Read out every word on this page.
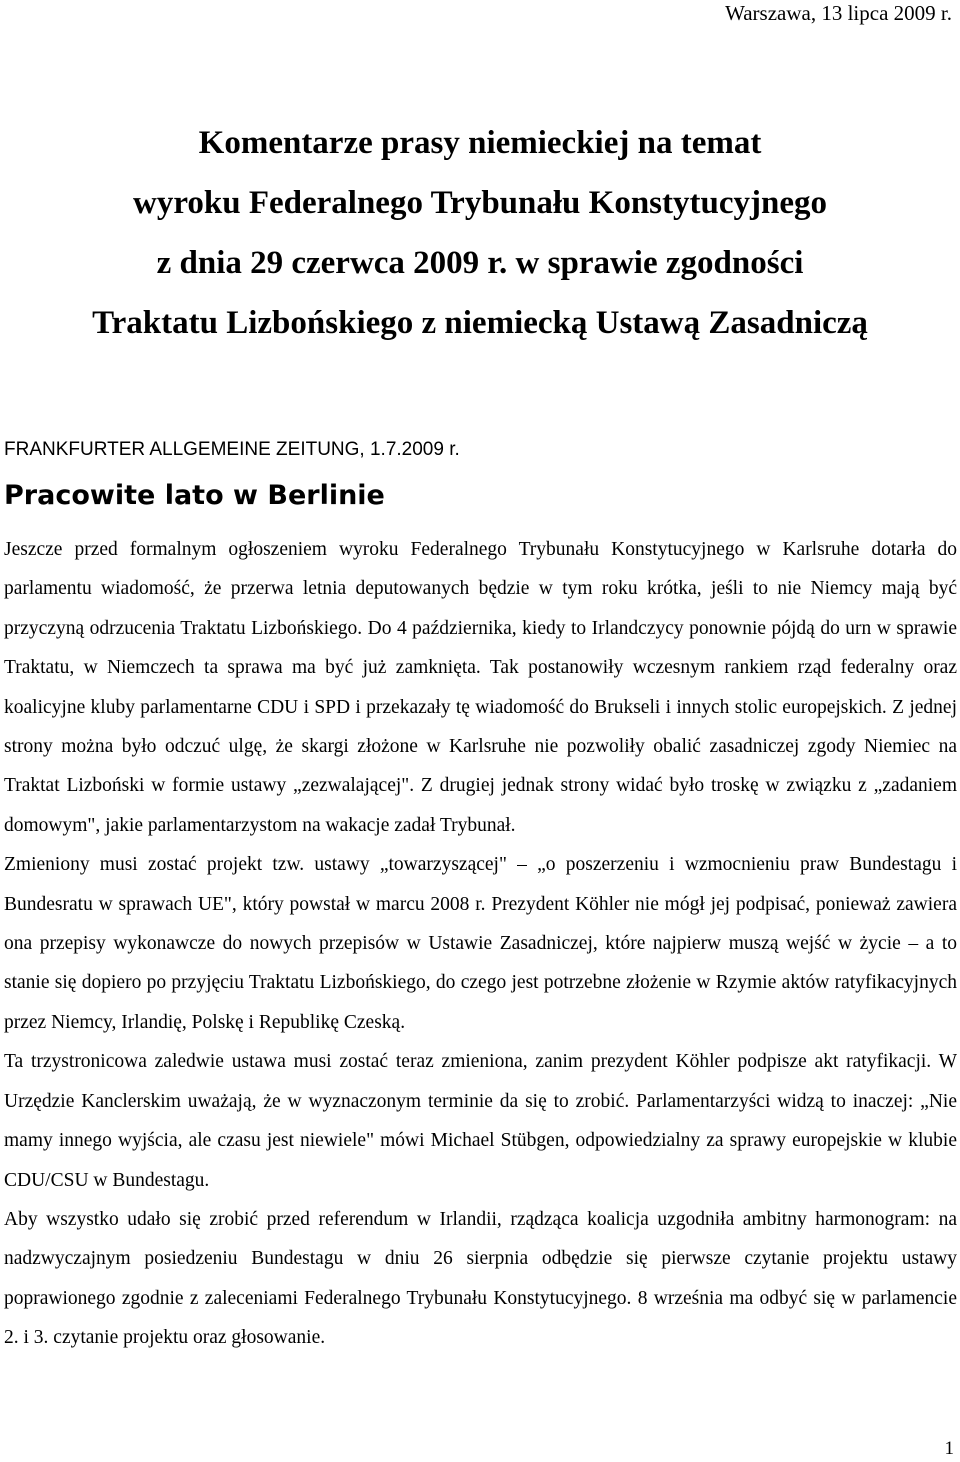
Warszawa, 13 lipca 2009 r.
Komentarze prasy niemieckiej na temat
wyroku Federalnego Trybunału Konstytucyjnego
z dnia 29 czerwca 2009 r. w sprawie zgodności
Traktatu Lizbońskiego z niemiecką Ustawą Zasadniczą
FRANKFURTER ALLGEMEINE ZEITUNG, 1.7.2009 r.
Pracowite lato w Berlinie

Jeszcze przed formalnym ogłoszeniem wyroku Federalnego Trybunału Konstytucyjnego w Karlsruhe dotarła do parlamentu wiadomość, że przerwa letnia deputowanych będzie w tym roku krótka, jeśli to nie Niemcy mają być przyczyną odrzucenia Traktatu Lizbońskiego. Do 4 października, kiedy to Irlandczycy ponownie pójdą do urn w sprawie Traktatu, w Niemczech ta sprawa ma być już zamknięta. Tak postanowiły wczesnym rankiem rząd federalny oraz koalicyjne kluby parlamentarne CDU i SPD i przekazały tę wiadomość do Brukseli i innych stolic europejskich. Z jednej strony można było odczuć ulgę, że skargi złożone w Karlsruhe nie pozwoliły obalić zasadniczej zgody Niemiec na Traktat Lizboński w formie ustawy „zezwalającej". Z drugiej jednak strony widać było troskę w związku z „zadaniem domowym", jakie parlamentarzystom na wakacje zadał Trybunał.

Zmieniony musi zostać projekt tzw. ustawy „towarzyszącej" – „o poszerzeniu i wzmocnieniu praw Bundestagu i Bundesratu w sprawach UE", który powstał w marcu 2008 r. Prezydent Köhler nie mógł jej podpisać, ponieważ zawiera ona przepisy wykonawcze do nowych przepisów w Ustawie Zasadniczej, które najpierw muszą wejść w życie – a to stanie się dopiero po przyjęciu Traktatu Lizbońskiego, do czego jest potrzebne złożenie w Rzymie aktów ratyfikacyjnych przez Niemcy, Irlandię, Polskę i Republikę Czeską.

Ta trzystronicowa zaledwie ustawa musi zostać teraz zmieniona, zanim prezydent Köhler podpisze akt ratyfikacji. W Urzędzie Kanclerskim uważają, że w wyznaczonym terminie da się to zrobić. Parlamentarzyści widzą to inaczej: „Nie mamy innego wyjścia, ale czasu jest niewiele" mówi Michael Stübgen, odpowiedzialny za sprawy europejskie w klubie CDU/CSU w Bundestagu.

Aby wszystko udało się zrobić przed referendum w Irlandii, rządząca koalicja uzgodniła ambitny harmonogram: na nadzwyczajnym posiedzeniu Bundestagu w dniu 26 sierpnia odbędzie się pierwsze czytanie projektu ustawy poprawionego zgodnie z zaleceniami Federalnego Trybunału Konstytucyjnego. 8 września ma odbyć się w parlamencie 2. i 3. czytanie projektu oraz głosowanie.

1
